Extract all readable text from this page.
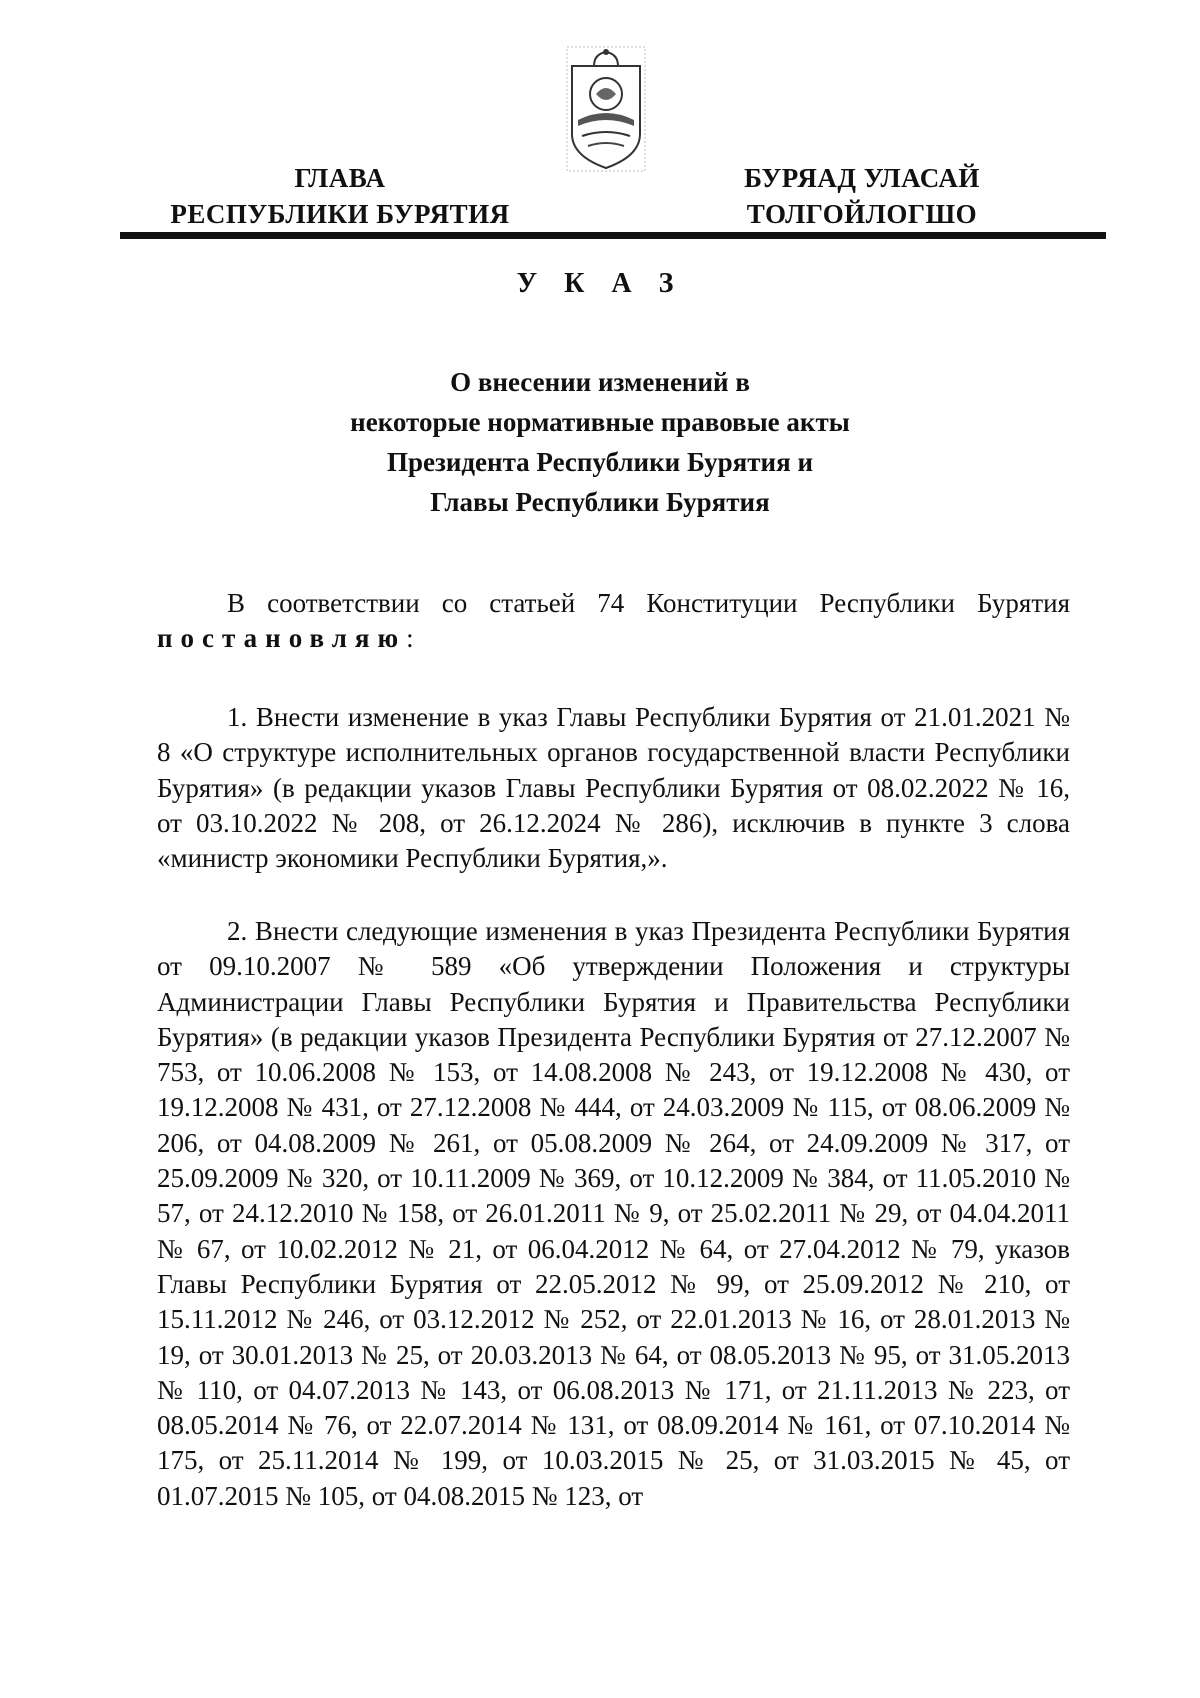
ГЛАВА
РЕСПУБЛИКИ БУРЯТИЯ
БУРЯАД УЛАСАЙ
ТОЛГОЙЛОГШО
У К А З
О внесении изменений в
некоторые нормативные правовые акты
Президента Республики Бурятия и
Главы Республики Бурятия
В соответствии со статьей 74 Конституции Республики Бурятия постановляю:
1. Внести изменение в указ Главы Республики Бурятия от 21.01.2021 № 8 «О структуре исполнительных органов государственной власти Республики Бурятия» (в редакции указов Главы Республики Бурятия от 08.02.2022 № 16, от 03.10.2022 № 208, от 26.12.2024 № 286), исключив в пункте 3 слова «министр экономики Республики Бурятия,».
2. Внести следующие изменения в указ Президента Республики Бурятия от 09.10.2007 № 589 «Об утверждении Положения и структуры Администрации Главы Республики Бурятия и Правительства Республики Бурятия» (в редакции указов Президента Республики Бурятия от 27.12.2007 № 753, от 10.06.2008 № 153, от 14.08.2008 № 243, от 19.12.2008 № 430, от 19.12.2008 № 431, от 27.12.2008 № 444, от 24.03.2009 № 115, от 08.06.2009 № 206, от 04.08.2009 № 261, от 05.08.2009 № 264, от 24.09.2009 № 317, от 25.09.2009 № 320, от 10.11.2009 № 369, от 10.12.2009 № 384, от 11.05.2010 № 57, от 24.12.2010 № 158, от 26.01.2011 № 9, от 25.02.2011 № 29, от 04.04.2011 № 67, от 10.02.2012 № 21, от 06.04.2012 № 64, от 27.04.2012 № 79, указов Главы Республики Бурятия от 22.05.2012 № 99, от 25.09.2012 № 210, от 15.11.2012 № 246, от 03.12.2012 № 252, от 22.01.2013 № 16, от 28.01.2013 № 19, от 30.01.2013 № 25, от 20.03.2013 № 64, от 08.05.2013 № 95, от 31.05.2013 № 110, от 04.07.2013 № 143, от 06.08.2013 № 171, от 21.11.2013 № 223, от 08.05.2014 № 76, от 22.07.2014 № 131, от 08.09.2014 № 161, от 07.10.2014 № 175, от 25.11.2014 № 199, от 10.03.2015 № 25, от 31.03.2015 № 45, от 01.07.2015 № 105, от 04.08.2015 № 123, от
